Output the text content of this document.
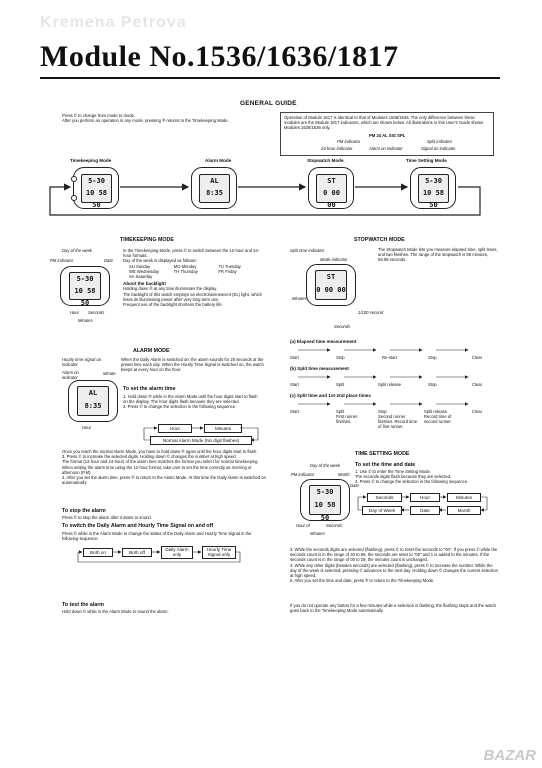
Kremena Petrova
Module No.1536/1636/1817
GENERAL GUIDE
Press © to change from mode to mode.
After you perform an operation in any mode, pressing ® returns to the Timekeeping Mode.
Operation of Module 1817 is identical to that of Modules 1536/1636. The only difference between these modules are the Module 1817 indicators, which are shown below. All illustrations in this User's Guide shows Modules 1536/1636 only.
PM 24 AL SIG SPL
PM indicator	Split indicator
24-hour indicator	Alarm on indicator	Signal on indicator
Timekeeping Mode	Alarm Mode	Stopwatch Mode	Time Setting Mode
5-30
10 58 50
AL
8:35
ST
0 00 00
5-30
10 58 50
TIMEKEEPING MODE
Day of the week
PM indicator	Date
5-30
10 58 50
Hour Seconds
Minutes
In the Timekeeping Mode, press © to switch between the 12-hour and 24-hour formats.
Day of the week is displayed as follows:
SU Sunday	MO Monday	TU Tuesday
WE Wednesday	TH Thursday	FR Friday
SA Saturday
About the backlight
Holding down ® at any time illuminates the display.
The backlight of this watch employs an electroluminescent (EL) light, which loses its illuminating power after very long term use.
Frequent use of the backlight shortens the battery life.
ALARM MODE
Hourly time signal on indicator
Alarm on indicator
Minute
AL
8:35
Hour
When the Daily Alarm is switched on, the alarm sounds for 20 seconds at the preset time each day. When the Hourly Time Signal is switched on, the watch beeps at every hour on the hour.
To set the alarm time
1. Hold down ® while in the Alarm Mode until the hour digits start to flash on the display. The hour digits flash because they are selected.
2. Press © to change the selection in the following sequence.
Hour	Minutes
Normal Alarm Mode (No digit flashes)
Once you reach the normal Alarm Mode, you have to hold down ® again until the hour digits start to flash.
3. Press © to increase the selected digits. Holding down © changes the number at high speed.
The format (12-hour and 24-hour) of the alarm time matches the format you select for normal timekeeping.
When setting the alarm time using the 12-hour format, take care to set the time correctly as morning or afternoon (P.M).
4. After you set the alarm time, press ® to return to the Alarm Mode. At this time the Daily Alarm is switched on automatically.
To stop the alarm
Press © to stop the alarm after it starts to sound.
To switch the Daily Alarm and Hourly Time Signal on and off
Press © while in the Alarm Mode to change the status of the Daily Alarm and Hourly Time Signal in the following sequence.
Both on	Both off
Daily Alarm only
Hourly Time Signal only
To test the alarm
Hold down © while in the Alarm Mode to sound the alarm.
STOPWATCH MODE
Split time indicator
Mode indicator
ST
0 00 00
Minutes
1/100 second
Seconds
The Stopwatch Mode lets you measure elapsed time, split times, and two finishes. The range of the stopwatch is 59 minutes, 59.99 seconds.
(a) Elapsed time measurement
Start	Stop	Re-start	Stop	Clear
(b) Split time measurement
Start	Split	Split release	Stop	Clear
(c) Split time and 1st-2nd place times
Start	Split	Stop	Split release	Clear
First runner finishes.
Second runner finishes. Record time of first runner.
Record time of second runner.
TIME SETTING MODE
Day of the week
PM indicator	Month
Date
5-30
10 58 50
Hour of	Seconds
Minutes
To set the time and date
1. Use © to enter the Time Setting Mode.
The seconds digits flash because they are selected.
2. Press © to change the selection in the following sequence.
Seconds	Hour	Minutes
Day of Week	Date	Month
3. While the seconds digits are selected (flashing), press © to reset the seconds to "00". If you press © while the seconds count is in the range of 30 to 59, the seconds are reset to "00" and 1 is added to the minutes. If the seconds count is in the range of 00 to 29, the minutes count is unchanged.
4. While any other digits (besides seconds) are selected (flashing), press © to increase the number. While the day of the week is selected, pressing © advances to the next day. Holding down © changes the current selection at high speed.
5. After you set the time and date, press ® to return to the Timekeeping Mode.
If you do not operate any button for a few minutes while a selection is flashing, the flashing stops and the watch goes back to the Timekeeping Mode automatically.
BAZAR
